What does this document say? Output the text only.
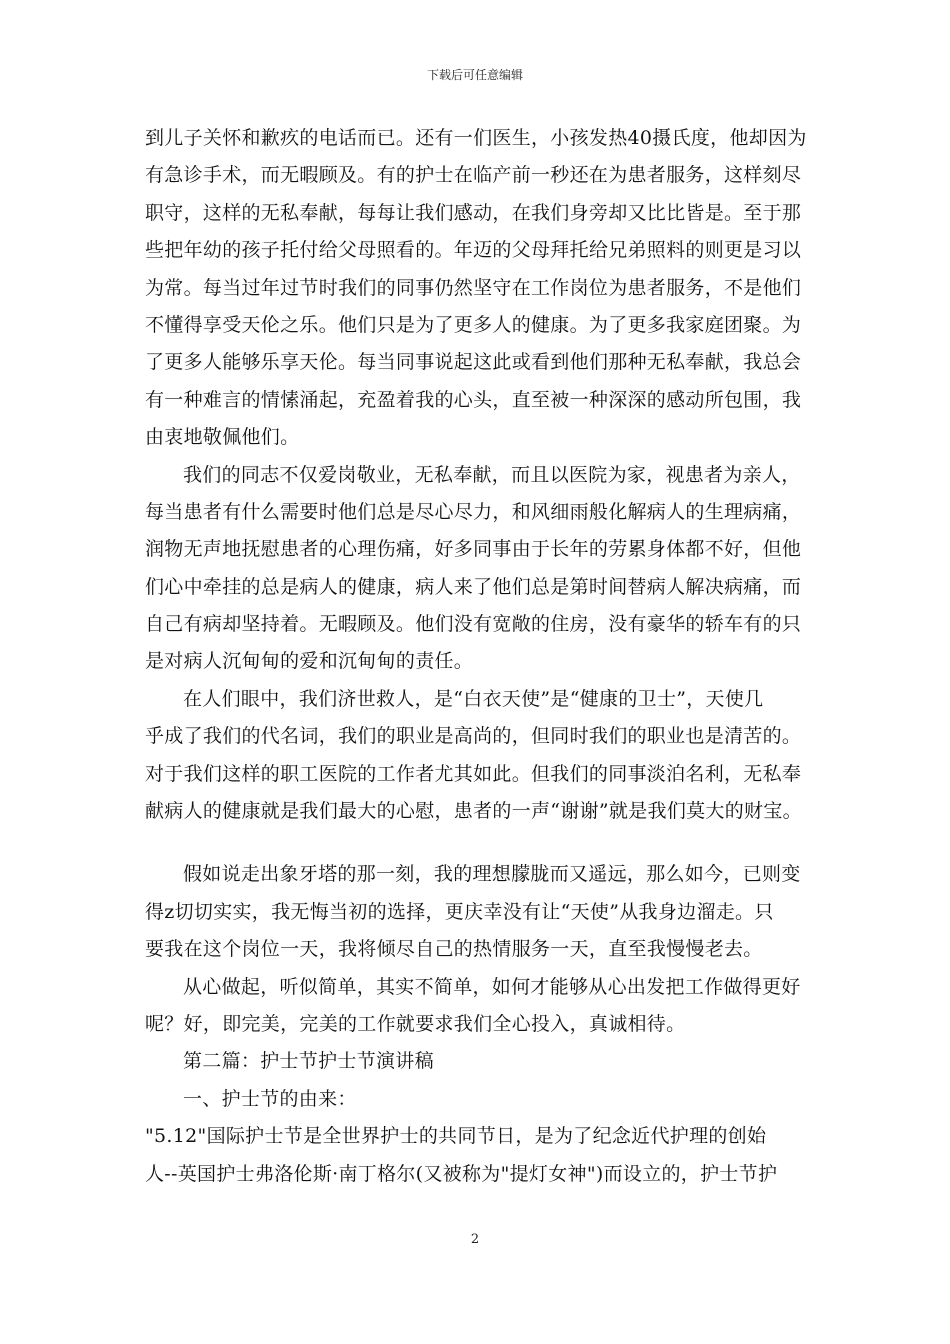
下载后可任意编辑
到儿子关怀和歉疚的电话而已。还有一们医生，小孩发热40摄氏度，他却因为
有急诊手术，而无暇顾及。有的护士在临产前一秒还在为患者服务，这样刻尽
职守，这样的无私奉献，每每让我们感动，在我们身旁却又比比皆是。至于那
些把年幼的孩子托付给父母照看的。年迈的父母拜托给兄弟照料的则更是习以
为常。每当过年过节时我们的同事仍然坚守在工作岗位为患者服务，不是他们
不懂得享受天伦之乐。他们只是为了更多人的健康。为了更多我家庭团聚。为
了更多人能够乐享天伦。每当同事说起这此或看到他们那种无私奉献，我总会
有一种难言的情愫涌起，充盈着我的心头，直至被一种深深的感动所包围，我
由衷地敬佩他们。
我们的同志不仅爱岗敬业，无私奉献，而且以医院为家，视患者为亲人，
每当患者有什么需要时他们总是尽心尽力，和风细雨般化解病人的生理病痛，
润物无声地抚慰患者的心理伤痛，好多同事由于长年的劳累身体都不好，但他
们心中牵挂的总是病人的健康，病人来了他们总是第时间替病人解决病痛，而
自己有病却坚持着。无暇顾及。他们没有宽敞的住房，没有豪华的轿车有的只
是对病人沉甸甸的爱和沉甸甸的责任。
在人们眼中，我们济世救人，是“白衣天使”是“健康的卫士”，天使几
乎成了我们的代名词，我们的职业是高尚的，但同时我们的职业也是清苦的。
对于我们这样的职工医院的工作者尤其如此。但我们的同事淡泊名利，无私奉
献病人的健康就是我们最大的心慰，患者的一声“谢谢”就是我们莫大的财宝。
假如说走出象牙塔的那一刻，我的理想朦胧而又遥远，那么如今，已则变
得z切切实实，我无悔当初的选择，更庆幸没有让“天使”从我身边溜走。只
要我在这个岗位一天，我将倾尽自己的热情服务一天，直至我慢慢老去。
从心做起，听似简单，其实不简单，如何才能够从心出发把工作做得更好
呢？好，即完美，完美的工作就要求我们全心投入，真诚相待。
第二篇：护士节护士节演讲稿
一、护士节的由来：
"5.12"国际护士节是全世界护士的共同节日，是为了纪念近代护理的创始
人--英国护士弗洛伦斯·南丁格尔(又被称为"提灯女神")而设立的，护士节护
2
